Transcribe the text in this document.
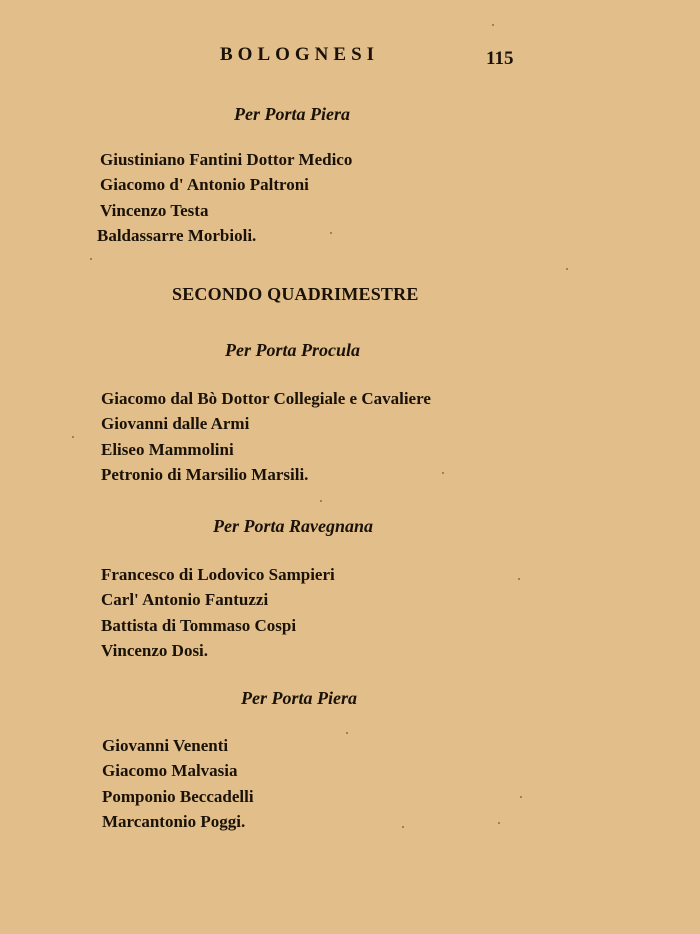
BOLOGNESI	115
Per Porta Piera
Giustiniano Fantini Dottor Medico
Giacomo d' Antonio Paltroni
Vincenzo Testa
Baldassarre Morbioli.
SECONDO QUADRIMESTRE
Per Porta Procula
Giacomo dal Bò Dottor Collegiale e Cavaliere
Giovanni dalle Armi
Eliseo Mammolini
Petronio di Marsilio Marsili.
Per Porta Ravegnana
Francesco di Lodovico Sampieri
Carl' Antonio Fantuzzi
Battista di Tommaso Cospi
Vincenzo Dosi.
Per Porta Piera
Giovanni Venenti
Giacomo Malvasia
Pomponio Beccadelli
Marcantonio Poggi.
